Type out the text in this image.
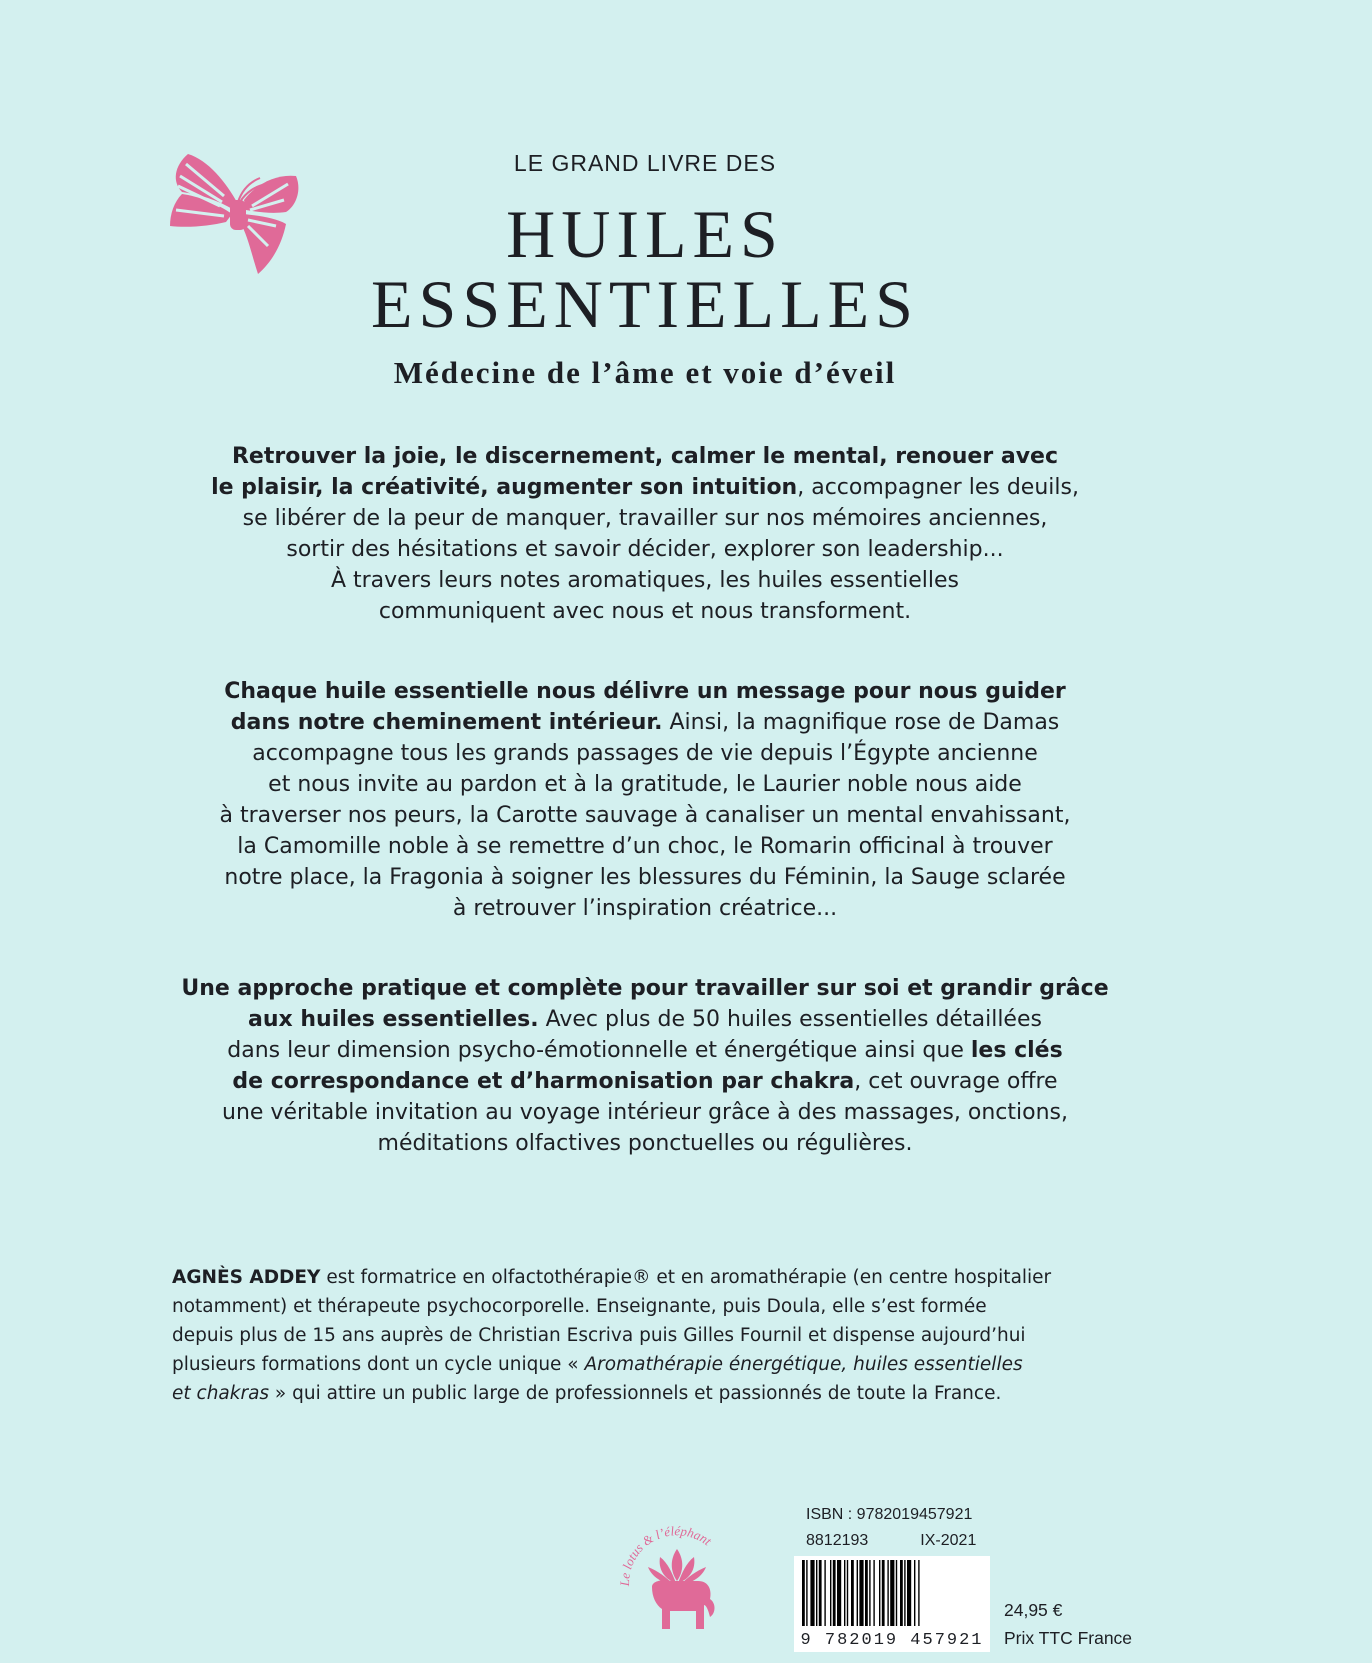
LE GRAND LIVRE DES
HUILES
ESSENTIELLES
Médecine de l’âme et voie d’éveil
Retrouver la joie, le discernement, calmer le mental, renouer avec
le plaisir, la créativité, augmenter son intuition, accompagner les deuils,
se libérer de la peur de manquer, travailler sur nos mémoires anciennes,
sortir des hésitations et savoir décider, explorer son leadership...
À travers leurs notes aromatiques, les huiles essentielles
communiquent avec nous et nous transforment.
Chaque huile essentielle nous délivre un message pour nous guider
dans notre cheminement intérieur. Ainsi, la magnifique rose de Damas
accompagne tous les grands passages de vie depuis l’Égypte ancienne
et nous invite au pardon et à la gratitude, le Laurier noble nous aide
à traverser nos peurs, la Carotte sauvage à canaliser un mental envahissant,
la Camomille noble à se remettre d’un choc, le Romarin officinal à trouver
notre place, la Fragonia à soigner les blessures du Féminin, la Sauge sclarée
à retrouver l’inspiration créatrice...
Une approche pratique et complète pour travailler sur soi et grandir grâce
aux huiles essentielles. Avec plus de 50 huiles essentielles détaillées
dans leur dimension psycho-émotionnelle et énergétique ainsi que les clés
de correspondance et d’harmonisation par chakra, cet ouvrage offre
une véritable invitation au voyage intérieur grâce à des massages, onctions,
méditations olfactives ponctuelles ou régulières.
AGNÈS ADDEY est formatrice en olfactothérapie® et en aromathérapie (en centre hospitalier
notamment) et thérapeute psychocorporelle. Enseignante, puis Doula, elle s’est formée
depuis plus de 15 ans auprès de Christian Escriva puis Gilles Fournil et dispense aujourd’hui
plusieurs formations dont un cycle unique « Aromathérapie énergétique, huiles essentielles
et chakras » qui attire un public large de professionnels et passionnés de toute la France.
Le lotus & l’éléphant
ISBN : 9782019457921
8812193	IX-2021
9 782019 457921
24,95 €
Prix TTC France
